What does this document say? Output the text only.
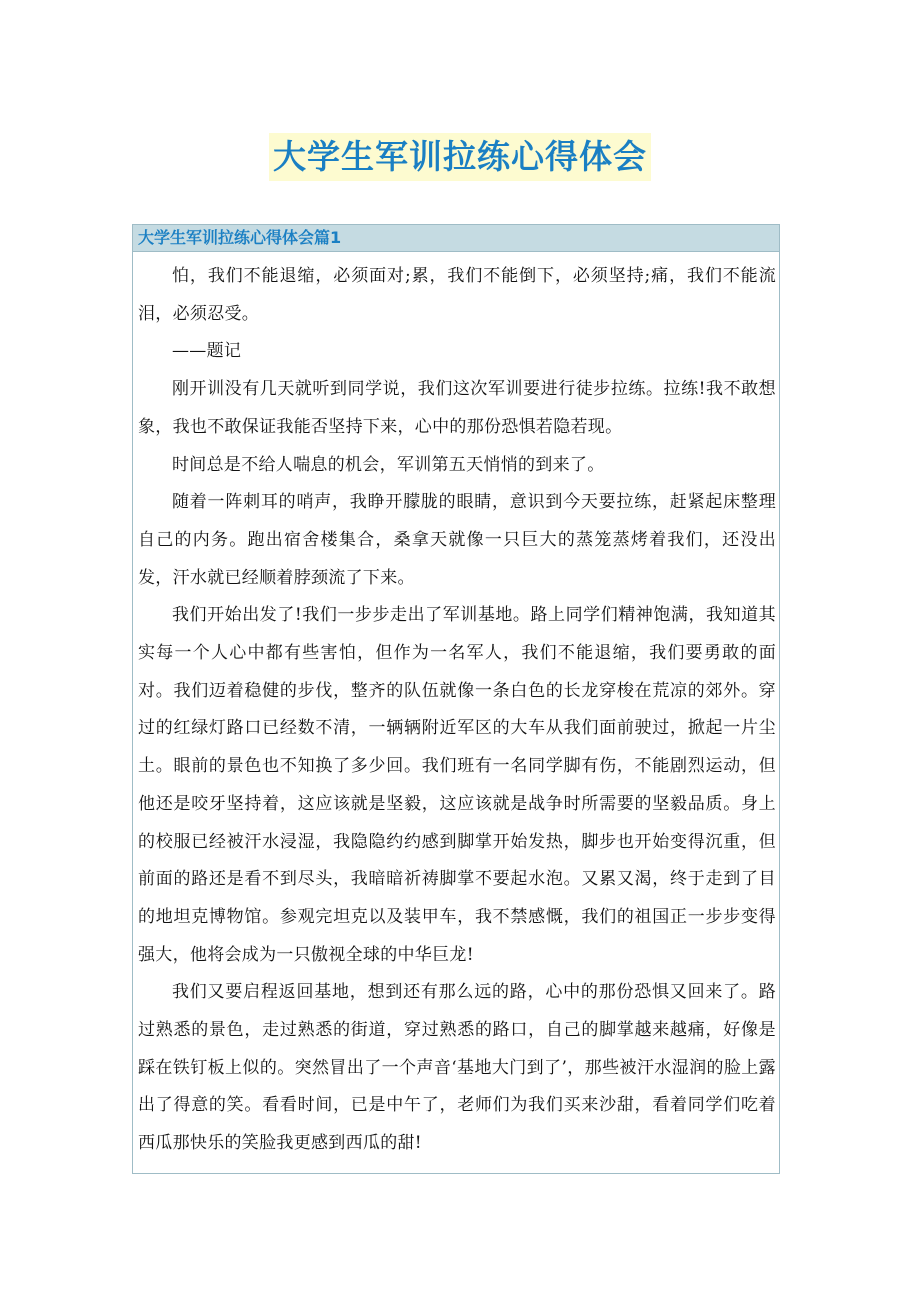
大学生军训拉练心得体会
大学生军训拉练心得体会篇1

怕，我们不能退缩，必须面对;累，我们不能倒下，必须坚持;痛，我们不能流泪，必须忍受。

——题记

刚开训没有几天就听到同学说，我们这次军训要进行徒步拉练。拉练!我不敢想象，我也不敢保证我能否坚持下来，心中的那份恐惧若隐若现。

时间总是不给人喘息的机会，军训第五天悄悄的到来了。

随着一阵刺耳的哨声，我睁开朦胧的眼睛，意识到今天要拉练，赶紧起床整理自己的内务。跑出宿舍楼集合，桑拿天就像一只巨大的蒸笼蒸烤着我们，还没出发，汗水就已经顺着脖颈流了下来。

我们开始出发了!我们一步步走出了军训基地。路上同学们精神饱满，我知道其实每一个人心中都有些害怕，但作为一名军人，我们不能退缩，我们要勇敢的面对。我们迈着稳健的步伐，整齐的队伍就像一条白色的长龙穿梭在荒凉的郊外。穿过的红绿灯路口已经数不清，一辆辆附近军区的大车从我们面前驶过，掀起一片尘土。眼前的景色也不知换了多少回。我们班有一名同学脚有伤，不能剧烈运动，但他还是咬牙坚持着，这应该就是坚毅，这应该就是战争时所需要的坚毅品质。身上的校服已经被汗水浸湿，我隐隐约约感到脚掌开始发热，脚步也开始变得沉重，但前面的路还是看不到尽头，我暗暗祈祷脚掌不要起水泡。又累又渴，终于走到了目的地坦克博物馆。参观完坦克以及装甲车，我不禁感慨，我们的祖国正一步步变得强大，他将会成为一只傲视全球的中华巨龙!

我们又要启程返回基地，想到还有那么远的路，心中的那份恐惧又回来了。路过熟悉的景色，走过熟悉的街道，穿过熟悉的路口，自己的脚掌越来越痛，好像是踩在铁钉板上似的。突然冒出了一个声音‘基地大门到了’，那些被汗水湿润的脸上露出了得意的笑。看看时间，已是中午了，老师们为我们买来沙甜，看着同学们吃着西瓜那快乐的笑脸我更感到西瓜的甜!
